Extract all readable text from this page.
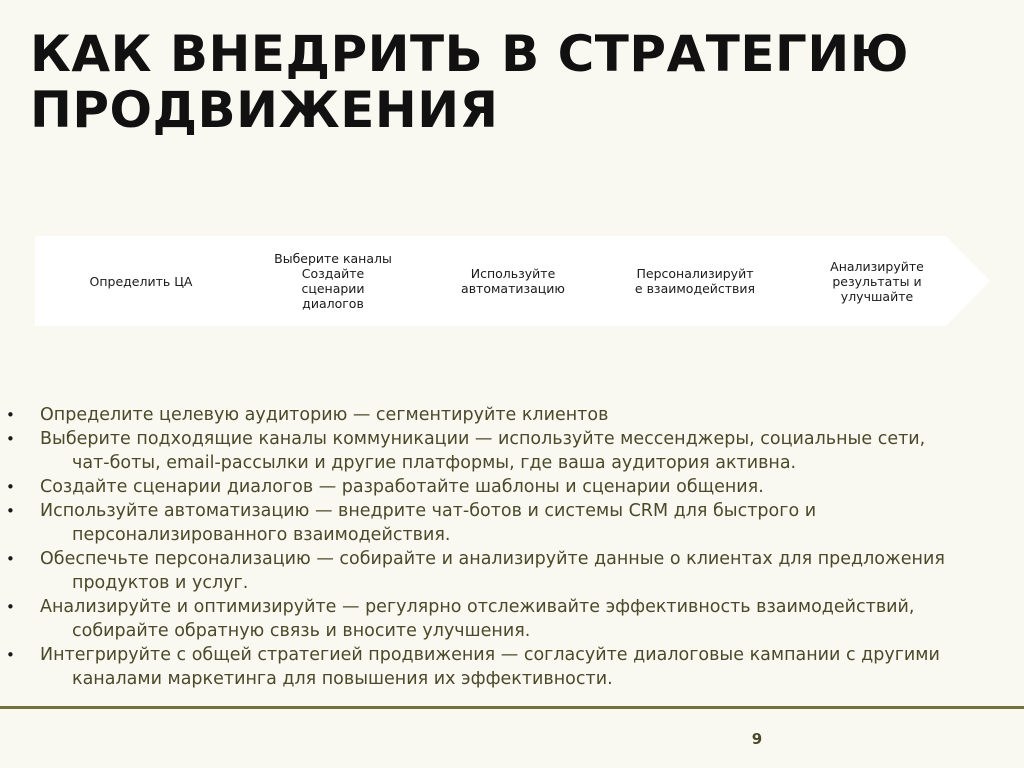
КАК ВНЕДРИТЬ В СТРАТЕГИЮ
ПРОДВИЖЕНИЯ
Определить ЦА
Выберите каналы
Создайте
сценарии
диалогов
Используйте
автоматизацию
Персонализируйт
е взаимодействия
Анализируйте
результаты и
улучшайте
• Определите целевую аудиторию — сегментируйте клиентов
• Выберите подходящие каналы коммуникации — используйте мессенджеры, социальные сети,
чат-боты, email-рассылки и другие платформы, где ваша аудитория активна.
• Создайте сценарии диалогов — разработайте шаблоны и сценарии общения.
• Используйте автоматизацию — внедрите чат-ботов и системы CRM для быстрого и
персонализированного взаимодействия.
• Обеспечьте персонализацию — собирайте и анализируйте данные о клиентах для предложения
продуктов и услуг.
• Анализируйте и оптимизируйте — регулярно отслеживайте эффективность взаимодействий,
собирайте обратную связь и вносите улучшения.
• Интегрируйте с общей стратегией продвижения — согласуйте диалоговые кампании с другими
каналами маркетинга для повышения их эффективности.
9
